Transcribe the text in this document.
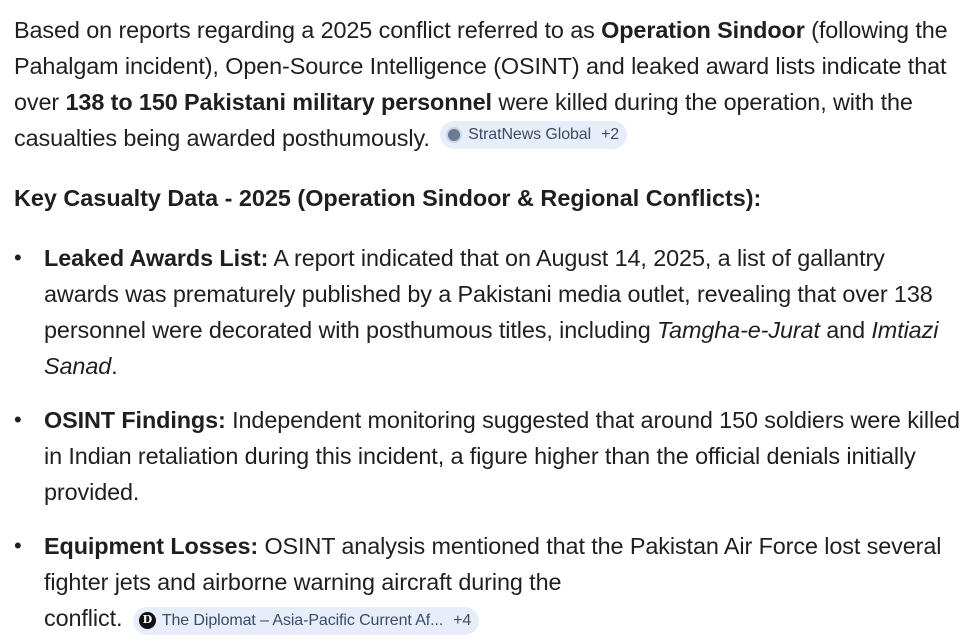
Based on reports regarding a 2025 conflict referred to as Operation Sindoor (following the Pahalgam incident), Open-Source Intelligence (OSINT) and leaked award lists indicate that over 138 to 150 Pakistani military personnel were killed during the operation, with the casualties being awarded posthumously. StratNews Global +2

Key Casualty Data - 2025 (Operation Sindoor & Regional Conflicts):

• Leaked Awards List: A report indicated that on August 14, 2025, a list of gallantry awards was prematurely published by a Pakistani media outlet, revealing that over 138 personnel were decorated with posthumous titles, including Tamgha-e-Jurat and Imtiazi Sanad.
• OSINT Findings: Independent monitoring suggested that around 150 soldiers were killed in Indian retaliation during this incident, a figure higher than the official denials initially provided.
• Equipment Losses: OSINT analysis mentioned that the Pakistan Air Force lost several fighter jets and airborne warning aircraft during the
conflict.	D The Diplomat – Asia-Pacific Current Af... +4
